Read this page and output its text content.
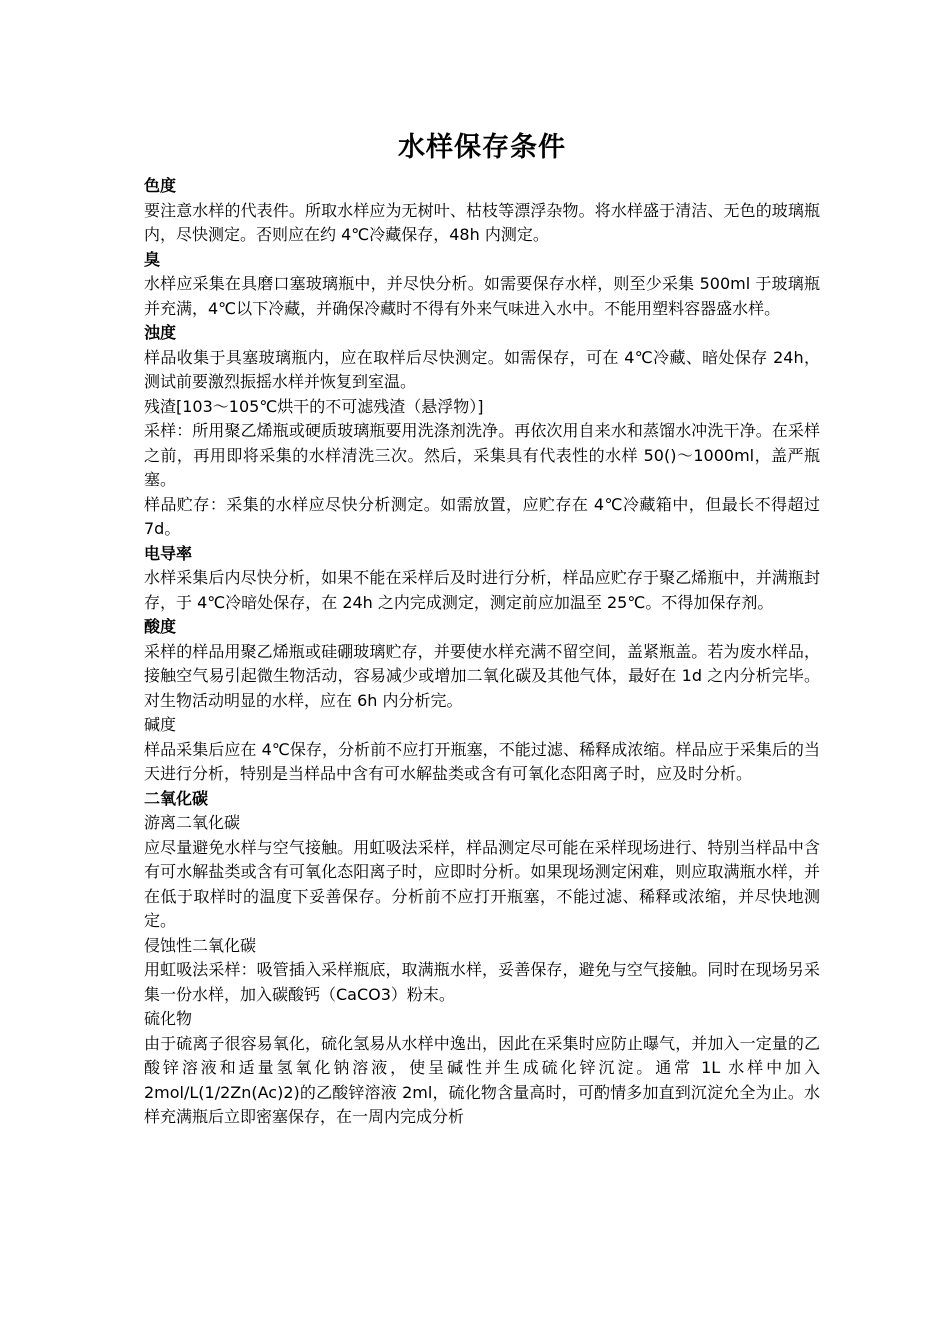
水样保存条件

色度

要注意水样的代表件。所取水样应为无树叶、枯枝等漂浮杂物。将水样盛于清洁、无色的玻璃瓶内，尽快测定。否则应在约 4℃冷藏保存，48h 内测定。

臭

水样应采集在具磨口塞玻璃瓶中，并尽快分析。如需要保存水样，则至少采集 500ml 于玻璃瓶并充满，4℃以下冷藏，并确保冷藏时不得有外来气味进入水中。不能用塑料容器盛水样。

浊度

样品收集于具塞玻璃瓶内，应在取样后尽快测定。如需保存，可在 4℃冷藏、暗处保存 24h，测试前要激烈振摇水样并恢复到室温。

残渣[103～105℃烘干的不可滤残渣（悬浮物）]

采样：所用聚乙烯瓶或硬质玻璃瓶要用洗涤剂洗净。再依次用自来水和蒸馏水冲洗干净。在采样之前，再用即将采集的水样清洗三次。然后，采集具有代表性的水样 50()～1000ml，盖严瓶塞。

样品贮存：采集的水样应尽快分析测定。如需放置，应贮存在 4℃冷藏箱中，但最长不得超过 7d。

电导率

水样采集后内尽快分析，如果不能在采样后及时进行分析，样品应贮存于聚乙烯瓶中，并满瓶封存，于 4℃冷暗处保存，在 24h 之内完成测定，测定前应加温至 25℃。不得加保存剂。

酸度

采样的样品用聚乙烯瓶或硅硼玻璃贮存，并要使水样充满不留空间，盖紧瓶盖。若为废水样品，接触空气易引起微生物活动，容易减少或增加二氧化碳及其他气体，最好在 1d 之内分析完毕。对生物活动明显的水样，应在 6h 内分析完。

碱度

样品采集后应在 4℃保存，分析前不应打开瓶塞，不能过滤、稀释成浓缩。样品应于采集后的当天进行分析，特别是当样品中含有可水解盐类或含有可氧化态阳离子时，应及时分析。

二氧化碳

游离二氧化碳

应尽量避免水样与空气接触。用虹吸法采样，样品测定尽可能在采样现场进行、特别当样品中含有可水解盐类或含有可氧化态阳离子时，应即时分析。如果现场测定闲难，则应取满瓶水样，并在低于取样时的温度下妥善保存。分析前不应打开瓶塞，不能过滤、稀释或浓缩，并尽快地测定。

侵蚀性二氧化碳

用虹吸法采样：吸管插入采样瓶底，取满瓶水样，妥善保存，避免与空气接触。同时在现场另采集一份水样，加入碳酸钙（CaCO3）粉末。

硫化物

由于硫离子很容易氧化，硫化氢易从水样中逸出，因此在采集时应防止曝气，并加入一定量的乙酸锌溶液和适量氢氧化钠溶液，使呈碱性并生成硫化锌沉淀。通常 1L 水样中加入 2mol/L(1/2Zn(Ac)2)的乙酸锌溶液 2ml，硫化物含量高时，可酌情多加直到沉淀允全为止。水样充满瓶后立即密塞保存，在一周内完成分析
